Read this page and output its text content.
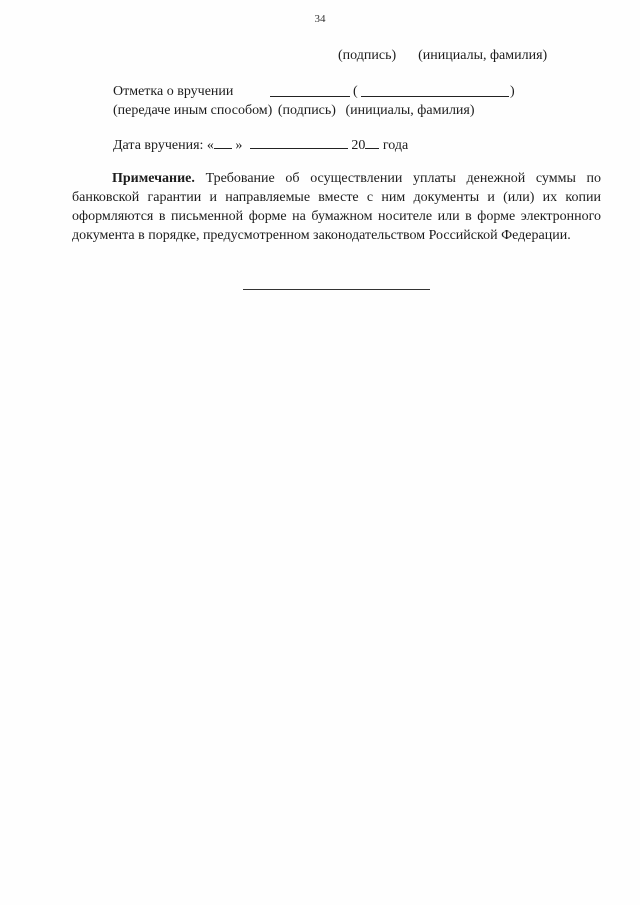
34
(подпись) (инициалы, фамилия)
Отметка о вручении	(	)
(передаче иным способом) (подпись) (инициалы, фамилия)
Дата вручения: « »	20 года
Примечание. Требование об осуществлении уплаты денежной суммы по банковской гарантии и направляемые вместе с ним документы и (или) их копии оформляются в письменной форме на бумажном носителе или в форме электронного документа в порядке, предусмотренном законодательством Российской Федерации.
